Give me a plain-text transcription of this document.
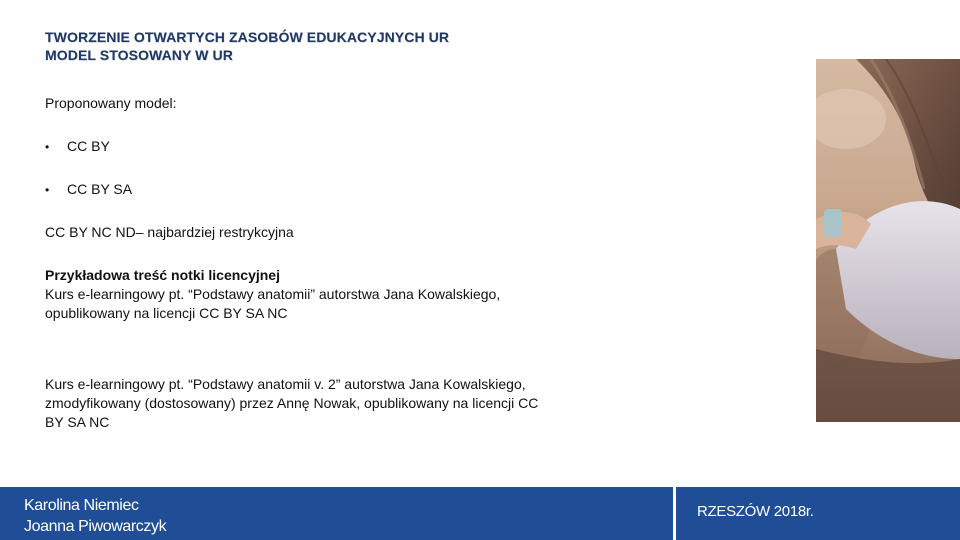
TWORZENIE OTWARTYCH ZASOBÓW EDUKACYJNYCH UR
MODEL STOSOWANY W UR
Proponowany model:
• CC BY
• CC BY SA
CC BY NC ND– najbardziej restrykcyjna
Przykładowa treść notki licencyjnej
Kurs e-learningowy pt. “Podstawy anatomii” autorstwa Jana Kowalskiego,
opublikowany na licencji CC BY SA NC
Kurs e-learningowy pt. “Podstawy anatomii v. 2” autorstwa Jana Kowalskiego,
zmodyfikowany (dostosowany) przez Annę Nowak, opublikowany na licencji CC
BY SA NC
Karolina Niemiec
Joanna Piwowarczyk
RZESZÓW 2018r.
